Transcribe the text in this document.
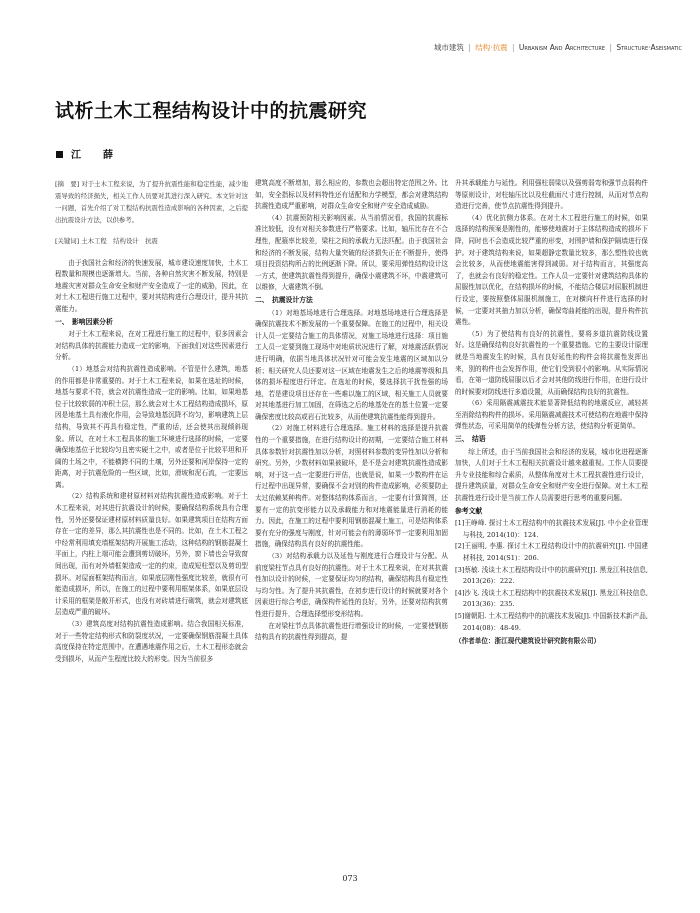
城市建筑 | 结构·抗震 | Urbanism And Architecture | Structure·Aseismatic
试析土木工程结构设计中的抗震研究
江　薛

[摘　要] 对于土木工程来说，为了提升抗震性能和稳定性能，减少地震导致的经济损失，相关工作人员要对其进行深入研究。本文针对这一问题，首先介绍了对工程结构抗震性造成影响的各种因素，之后提出抗震设计方法，以供参考。

[关键词] 土木工程　结构设计　抗震

由于我国社会和经济的快速发展，城市建设速度加快，土木工程数量和规模也逐渐增大。当前，各种自然灾害不断发展，特别是地震灾害对群众生命安全和财产安全造成了一定的威胁，因此，在对土木工程进行施工过程中，要对其结构进行合理设计，提升其抗震能力。

一、　影响因素分析

对于土木工程来说，在对工程进行施工的过程中，很多因素会对结构具体的抗震能力造成一定的影响，下面我们对这些因素进行分析。

（1）地基会对结构抗震性造成影响。不管是什么建筑，地基的作用都是非常重要的。对于土木工程来说，如果在选址的时候，地基与要求不符，就会对抗震性造成一定的影响。比如，如果地基位于比较软弱的冲积土层，那么就会对土木工程结构造成损坏，原因是地基土具有液化作用，会导致地基沉降不均匀，影响建筑上层结构，导致其不再具有稳定性，严重的话，还会使其出现倾斜现象。所以，在对土木工程具体的施工环境进行选择的时候，一定要确保地基位于比较均匀且密实硬土之中，或者是位于比较平坦和开阔的土场之中，不能横跨不同的土壤，另外还要和河岸保持一定的距离，对于抗震危险的一些区域，比如，滑坡和泥石流，一定要远离。

（2）结构系统和建材原材料对结构抗震性造成影响。对于土木工程来说，对其进行抗震设计的时候，要确保结构系统具有合理性，另外还要保证建材原材料质量良好。如果建筑项目在结构方面存在一定的差异，那么其抗震性也是不同的。比如，在土木工程之中经常利用填充墙框架结构开展施工活动，这种结构的钢筋混凝土平面上，内柱上端可能会遭到剪切破坏，另外，窗下墙也会导致窗间出现，而有对外墙框架造成一定的约束，造成短柱型以及剪切型损坏。对屋面框架结构而言，如果底层刚性强度比较差，就很有可能造成损坏，所以，在施工的过程中要利用框架体系，如果底层设计采用的框架是敞开形式，也没有对砖墙进行砌筑，就会对建筑底层造成严重的破坏。

（3）建筑高度对结构抗震性造成影响。结合我国相关标准，对于一些特定结构形式和防裂度状况，一定要确保钢筋混凝土具体高度保持在特定范围中。在遭遇地震作用之后，土木工程形态就会受到损坏，从而产生程度比较大的形变。因为当前很多

建筑高度不断增加，那么相应的，参数也会超出特定范围之外。比如，安全指标以及材料特性还有适配和力学模型，都会对建筑结构抗震性造成严重影响，对群众生命安全和财产安全造成威胁。

（4）抗震预防相关影响因素。从当前情况看，我国的抗震标准比较低，没有对相关参数进行严格要求。比如，轴压比存在不合理性，配箍率比较差，梁柱之间的承载力无法匹配。由于我国社会和经济的不断发展，结构大量突破的经济损失正在不断提升，使得项目投资结构所占的比例逐渐下降。所以，要采用弹性结构设计这一方式，使建筑抗震性得到提升，确保小震建筑不坏，中震建筑可以维修，大震建筑不倒。

二、　抗震设计方法

（1）对地基场地进行合理选择。对地基场地进行合理选择是确保抗震技术不断发展的一个重要保障。在施工的过程中，相关设计人员一定要结合施工的具体情况，对施工场地进行选择：项目施工人员一定要到施工现场中对地质状况进行了解，对地震活跃情况进行明确，依据当地具体状况针对可能会发生地震的区域加以分析；相关研究人员还要对这一区域在地震发生之后的地震等级和具体的损坏程度进行评定。在选址的时候，要选择抗干扰性强的场地，若是建设项目还存在一些难以施工的区域，相关施工人员就要对其地基进行加工加固，在筛选之后的地基处在的基土位置一定要确保密度比较高或岩石比较多，从而使建筑抗震性能得到提升。

（2）对施工材料进行合理选择。施工材料的选择是提升抗震性的一个重要措施，在进行结构设计的初期，一定要结合施工材料具体参数针对抗震性加以分析，对照材料参数的变异性加以分析和研究。另外，少数材料如果被破坏，是不是会对建筑抗震性造成影响，对于这一点一定要进行评估，也就是说，如果一少数构件在运行过程中出现异常，要确保不会对别的构件造成影响，必须要防止太过依赖某种构件。对整体结构体系而言，一定要有计算简图，还要有一定的抗变形能力以及承载能力和对地震能量进行消耗的能力。因此，在施工的过程中要利用钢筋混凝土施工，可是结构体系要有充分的强度与刚度，针对可能会有的薄弱环节一定要利用加固措施，确保结构具有良好的抗震性能。

（3）对结构承载力以及延性与刚度进行合理设计与分配。从前度梁柱节点具有良好的抗震性。对于土木工程来说，在对其抗震性加以设计的时候，一定要保证均匀的结构，确保结构具有稳定性与均匀性。为了提升其抗震性，在初步进行设计的时候就要对各个因素进行综合考虑，确保构件延性的良好，另外，还要对结构抗剪性进行提升，合理选择塑形变形结构。

在对梁柱节点具体抗震性进行增强设计的时候，一定要使钢筋结构具有的抗震性得到提高，提

升其承载能力与延性。利用强柱弱梁以及强剪弱弯和强节点弱构件等原则设计，对柱轴压比以及柱截面尺寸进行控制，从而对节点构造进行完善，使节点抗震性得到提升。

（4）优化抗侧力体系。在对土木工程进行施工的时候，如果选择的结构预案是刚性的，能够使地震对于主体结构造成的损坏下降，同时也不会造成比较严重的形变，对围护墙和保护隔墙进行保护。对于建筑结构来说，如果超静定数量比较多，那么塑性铰也就会比较多，从而使地震能害得到减弱。对于结构而言，其强度高了，也就会有良好的稳定性。工作人员一定要针对建筑结构具体的屈服性加以优化，在结构损坏的时候，不能结合楼层对屈服机制进行设定，要按照整体屈服机制施工，在对横向杆件进行选择的时候，一定要对其抽力加以分析，确保弯曲耗能的出现，提升构件抗震性。

（5）为了使结构有良好的抗震性，要将多道抗震防线设置好。这是确保结构良好抗震性的一个重要措施。它的主要设计原理就是当地震发生的时候，具有良好延性的构件会将抗震性发挥出来，别的构件也会发挥作用，使它们受到很小的影响。从实际情况看，在第一道防线屈服以后才会对其他防线进行作用，在进行设计的时候要对防线进行多道设置，从而确保结构良好的抗震性。

（6）采用隔震减震技术能显著降低结构的地震反应，减轻甚至消除结构构件的损坏。采用隔震减震技术可使结构在地震中保持弹性状态，可采用简单的线弹性分析方法，使结构分析更简单。

三、　结语

综上所述，由于当前我国社会和经济的发展，城市化进程逐渐加快，人们对于土木工程相关抗震设计越来越重视。工作人员要提升专业技能和综合素质，从整体角度对土木工程抗震性进行设计，提升建筑质量，对群众生命安全和财产安全进行保障。对土木工程抗震性进行设计是当前工作人员需要进行思考的重要问题。

参考文献

[1]王峥峰. 探讨土木工程结构中的抗震技术发展[J]. 中小企业管理与科技, 2014(10)：124.

[2]王丽明, 李惠. 探讨土木工程结构设计中的抗震研究[J]. 中国建材科技, 2014(S1)：206.

[3]蔡敏. 浅谈土木工程结构设计中的抗震研究[J]. 黑龙江科技信息, 2013(26)：222.

[4]沙飞. 浅谈土木工程结构中的抗震技术发展[J]. 黑龙江科技信息, 2013(36)：235.

[5]谢朝阳. 土木工程结构中的抗震技术发展[J]. 中国新技术新产品, 2014(08)：48-49.

（作者单位：浙江现代建筑设计研究院有限公司）

073
